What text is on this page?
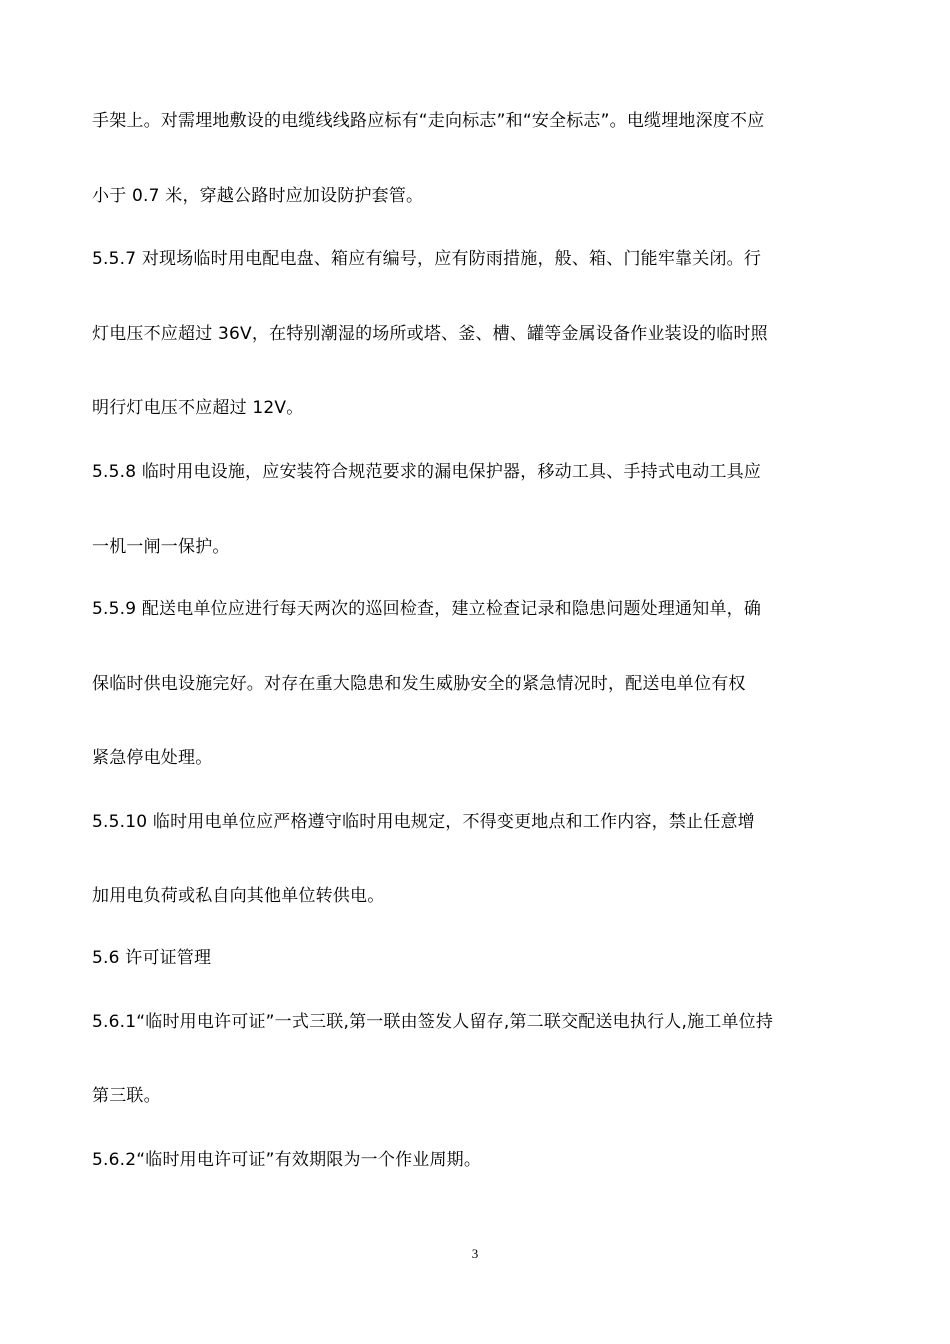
手架上。对需埋地敷设的电缆线线路应标有“走向标志”和“安全标志”。电缆埋地深度不应
小于 0.7 米，穿越公路时应加设防护套管。
5.5.7 对现场临时用电配电盘、箱应有编号，应有防雨措施，般、箱、门能牢靠关闭。行
灯电压不应超过 36V，在特别潮湿的场所或塔、釜、槽、罐等金属设备作业装设的临时照
明行灯电压不应超过 12V。
5.5.8 临时用电设施，应安装符合规范要求的漏电保护器，移动工具、手持式电动工具应
一机一闸一保护。
5.5.9 配送电单位应进行每天两次的巡回检查，建立检查记录和隐患问题处理通知单，确
保临时供电设施完好。对存在重大隐患和发生威胁安全的紧急情况时，配送电单位有权
紧急停电处理。
5.5.10 临时用电单位应严格遵守临时用电规定，不得变更地点和工作内容，禁止任意增
加用电负荷或私自向其他单位转供电。
5.6 许可证管理
5.6.1“临时用电许可证”一式三联,第一联由签发人留存,第二联交配送电执行人,施工单位持
第三联。
5.6.2“临时用电许可证”有效期限为一个作业周期。
3
